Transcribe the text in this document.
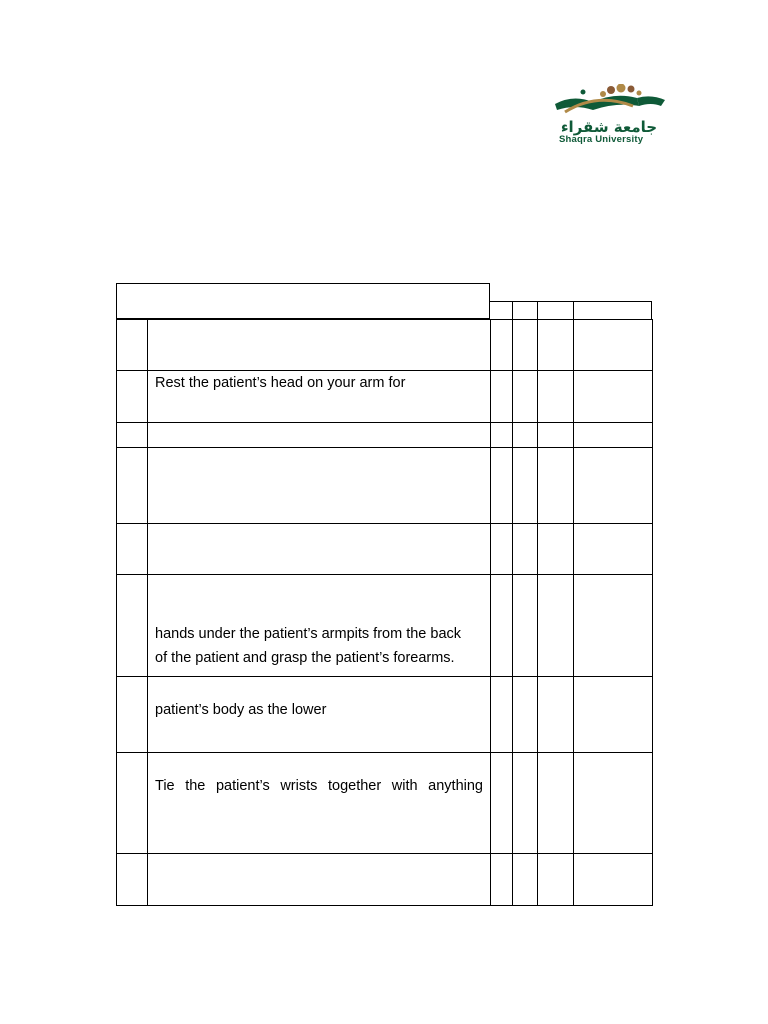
جامعة شقراء
Shaqra University

	Rest the patient’s head on your arm for				

	hands under the patient’s armpits from the back
of the patient and grasp the patient’s forearms.				

	patient’s body as the lower				

	Tie the patient’s wrists together with anything				
